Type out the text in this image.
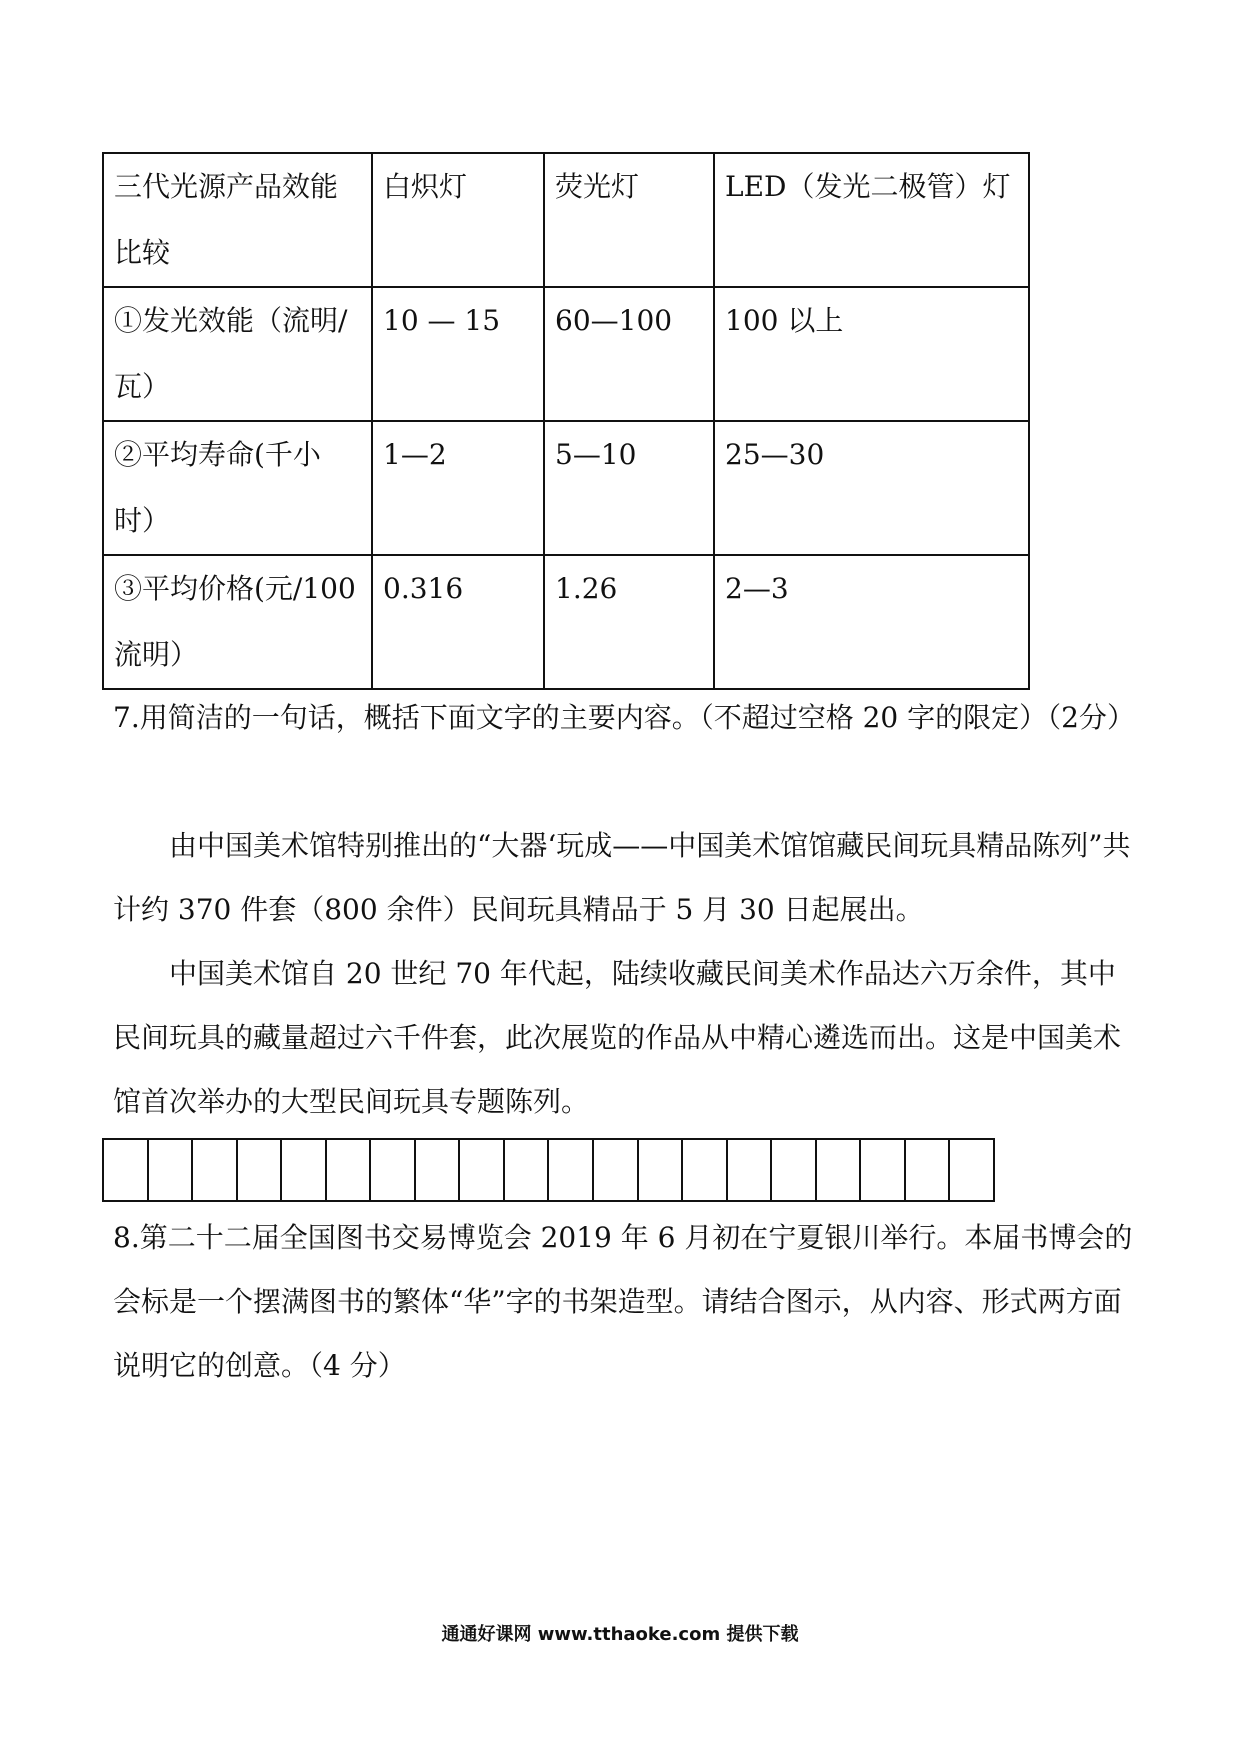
三代光源产品效能比较	白炽灯	荧光灯	LED（发光二极管）灯

①发光效能（流明/瓦）	10 — 15	60—100	100 以上

②平均寿命(千小时）	1—2	5—10	25—30

③平均价格(元/100流明）	0.316	1.26	2—3

7.用简洁的一句话，概括下面文字的主要内容。（不超过空格 20 字的限定）（2分）

由中国美术馆特别推出的“大器‘玩成——中国美术馆馆藏民间玩具精品陈列”共计约 370 件套（800 余件）民间玩具精品于 5 月 30 日起展出。

中国美术馆自 20 世纪 70 年代起，陆续收藏民间美术作品达六万余件，其中民间玩具的藏量超过六千件套，此次展览的作品从中精心遴选而出。这是中国美术馆首次举办的大型民间玩具专题陈列。

8.第二十二届全国图书交易博览会 2019 年 6 月初在宁夏银川举行。本届书博会的会标是一个摆满图书的繁体“华”字的书架造型。请结合图示，从内容、形式两方面 说明它的创意。（4 分）

通通好课网 www.tthaoke.com 提供下载
